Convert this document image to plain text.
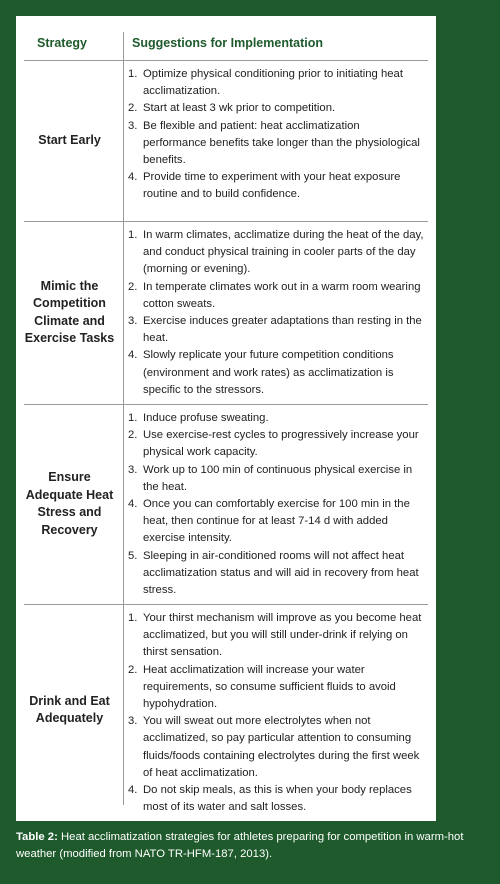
Strategy	Suggestions for Implementation
Start Early
1. Optimize physical conditioning prior to initiating heat acclimatization.
2. Start at least 3 wk prior to competition.
3. Be flexible and patient: heat acclimatization performance benefits take longer than the physiological benefits.
4. Provide time to experiment with your heat exposure routine and to build confidence.
Mimic the Competition Climate and Exercise Tasks
1. In warm climates, acclimatize during the heat of the day, and conduct physical training in cooler parts of the day (morning or evening).
2. In temperate climates work out in a warm room wearing cotton sweats.
3. Exercise induces greater adaptations than resting in the heat.
4. Slowly replicate your future competition conditions (environment and work rates) as acclimatization is specific to the stressors.
Ensure Adequate Heat Stress and Recovery
1. Induce profuse sweating.
2. Use exercise-rest cycles to progressively increase your physical work capacity.
3. Work up to 100 min of continuous physical exercise in the heat.
4. Once you can comfortably exercise for 100 min in the heat, then continue for at least 7-14 d with added exercise intensity.
5. Sleeping in air-conditioned rooms will not affect heat acclimatization status and will aid in recovery from heat stress.
Drink and Eat Adequately
1. Your thirst mechanism will improve as you become heat acclimatized, but you will still under-drink if relying on thirst sensation.
2. Heat acclimatization will increase your water requirements, so consume sufficient fluids to avoid hypohydration.
3. You will sweat out more electrolytes when not acclimatized, so pay particular attention to consuming fluids/foods containing electrolytes during the first week of heat acclimatization.
4. Do not skip meals, as this is when your body replaces most of its water and salt losses.
Table 2: Heat acclimatization strategies for athletes preparing for competition in warm-hot weather (modified from NATO TR-HFM-187, 2013).
